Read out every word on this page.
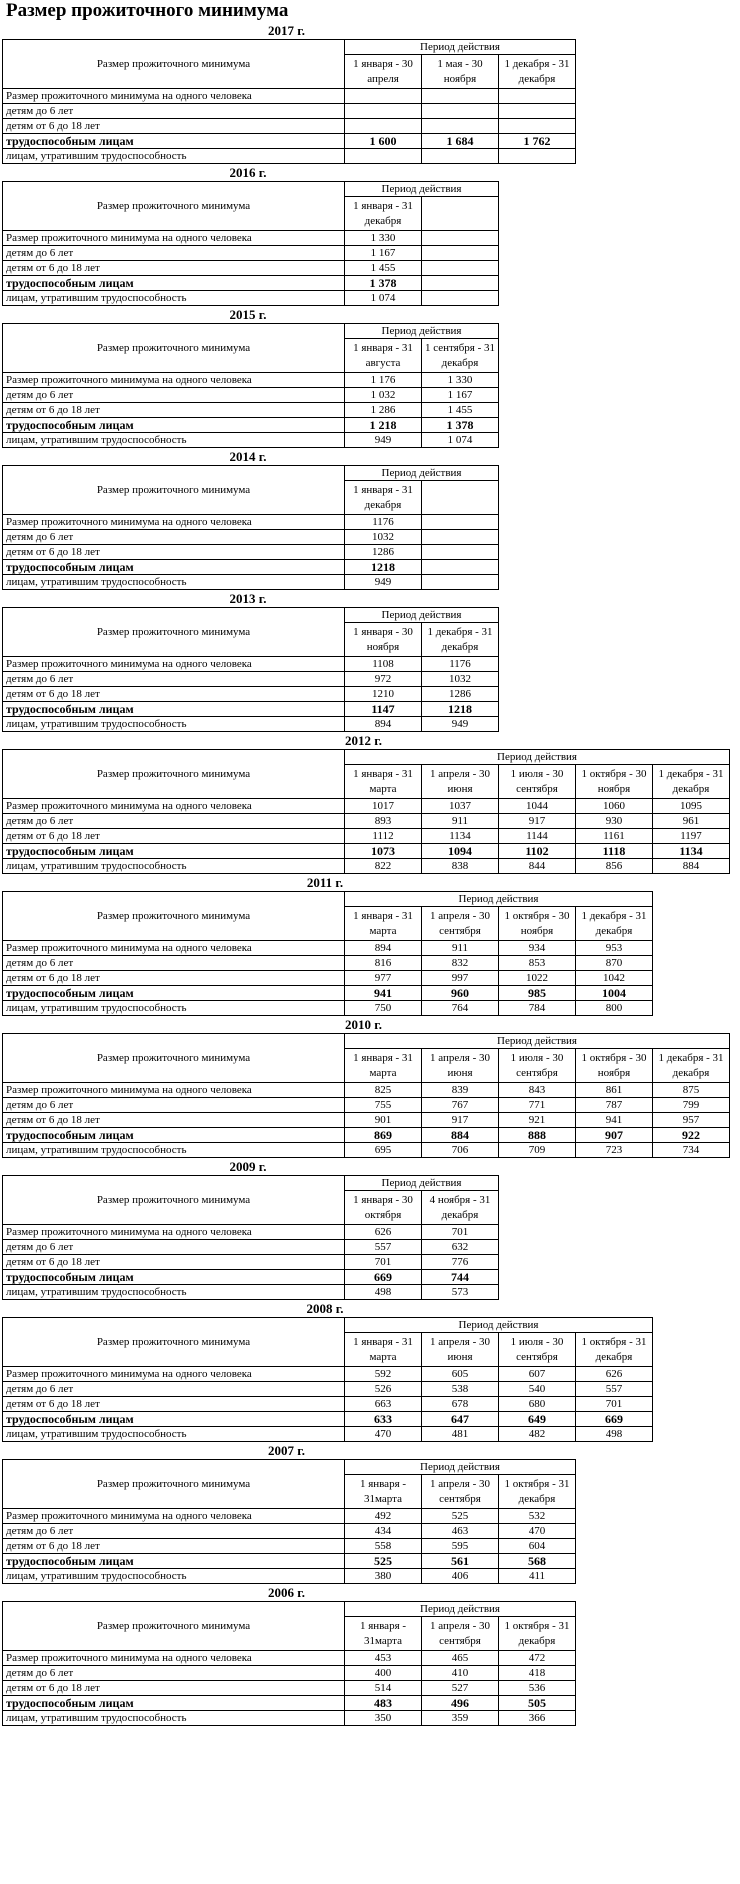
Размер прожиточного минимума
2017 г.
Размер прожиточного минимума	Период действия		
	1 января - 30 апреля	1 мая - 30 ноября	1 декабря - 31 декабря
Размер прожиточного минимума на одного человека			
детям до 6 лет			
детям от 6 до 18 лет			
трудоспособным лицам	1 600	1 684	1 762
лицам, утратившим трудоспособность			
2016 г.
Размер прожиточного минимума	Период действия	
	1 января - 31 декабря	
Размер прожиточного минимума на одного человека	1 330	
детям до 6 лет	1 167	
детям от 6 до 18 лет	1 455	
трудоспособным лицам	1 378	
лицам, утратившим трудоспособность	1 074	
2015 г.
Размер прожиточного минимума	Период действия	
	1 января - 31 августа	1 сентября - 31 декабря
Размер прожиточного минимума на одного человека	1 176	1 330
детям до 6 лет	1 032	1 167
детям от 6 до 18 лет	1 286	1 455
трудоспособным лицам	1 218	1 378
лицам, утратившим трудоспособность	949	1 074
2014 г.
Размер прожиточного минимума	Период действия	
	1 января - 31 декабря	
Размер прожиточного минимума на одного человека	1176	
детям до 6 лет	1032	
детям от 6 до 18 лет	1286	
трудоспособным лицам	1218	
лицам, утратившим трудоспособность	949	
2013 г.
Размер прожиточного минимума	Период действия	
	1 января - 30 ноября	1 декабря - 31 декабря
Размер прожиточного минимума на одного человека	1108	1176
детям до 6 лет	972	1032
детям от 6 до 18 лет	1210	1286
трудоспособным лицам	1147	1218
лицам, утратившим трудоспособность	894	949
2012 г.
Размер прожиточного минимума	Период действия				
	1 января - 31 марта	1 апреля - 30 июня	1 июля - 30 сентября	1 октября - 30 ноября	1 декабря - 31 декабря
Размер прожиточного минимума на одного человека	1017	1037	1044	1060	1095
детям до 6 лет	893	911	917	930	961
детям от 6 до 18 лет	1112	1134	1144	1161	1197
трудоспособным лицам	1073	1094	1102	1118	1134
лицам, утратившим трудоспособность	822	838	844	856	884
2011 г.
Размер прожиточного минимума	Период действия			
	1 января - 31 марта	1 апреля - 30 сентября	1 октября - 30 ноября	1 декабря - 31 декабря
Размер прожиточного минимума на одного человека	894	911	934	953
детям до 6 лет	816	832	853	870
детям от 6 до 18 лет	977	997	1022	1042
трудоспособным лицам	941	960	985	1004
лицам, утратившим трудоспособность	750	764	784	800
2010 г.
Размер прожиточного минимума	Период действия				
	1 января - 31 марта	1 апреля - 30 июня	1 июля - 30 сентября	1 октября - 30 ноября	1 декабря - 31 декабря
Размер прожиточного минимума на одного человека	825	839	843	861	875
детям до 6 лет	755	767	771	787	799
детям от 6 до 18 лет	901	917	921	941	957
трудоспособным лицам	869	884	888	907	922
лицам, утратившим трудоспособность	695	706	709	723	734
2009 г.
Размер прожиточного минимума	Период действия	
	1 января - 30 октября	4 ноября - 31 декабря
Размер прожиточного минимума на одного человека	626	701
детям до 6 лет	557	632
детям от 6 до 18 лет	701	776
трудоспособным лицам	669	744
лицам, утратившим трудоспособность	498	573
2008 г.
Размер прожиточного минимума	Период действия			
	1 января - 31 марта	1 апреля - 30 июня	1 июля - 30 сентября	1 октября - 31 декабря
Размер прожиточного минимума на одного человека	592	605	607	626
детям до 6 лет	526	538	540	557
детям от 6 до 18 лет	663	678	680	701
трудоспособным лицам	633	647	649	669
лицам, утратившим трудоспособность	470	481	482	498
2007 г.
Размер прожиточного минимума	Период действия		
	1 января - 31марта	1 апреля - 30 сентября	1 октября - 31 декабря
Размер прожиточного минимума на одного человека	492	525	532
детям до 6 лет	434	463	470
детям от 6 до 18 лет	558	595	604
трудоспособным лицам	525	561	568
лицам, утратившим трудоспособность	380	406	411
2006 г.
Размер прожиточного минимума	Период действия		
	1 января - 31марта	1 апреля - 30 сентября	1 октября - 31 декабря
Размер прожиточного минимума на одного человека	453	465	472
детям до 6 лет	400	410	418
детям от 6 до 18 лет	514	527	536
трудоспособным лицам	483	496	505
лицам, утратившим трудоспособность	350	359	366
